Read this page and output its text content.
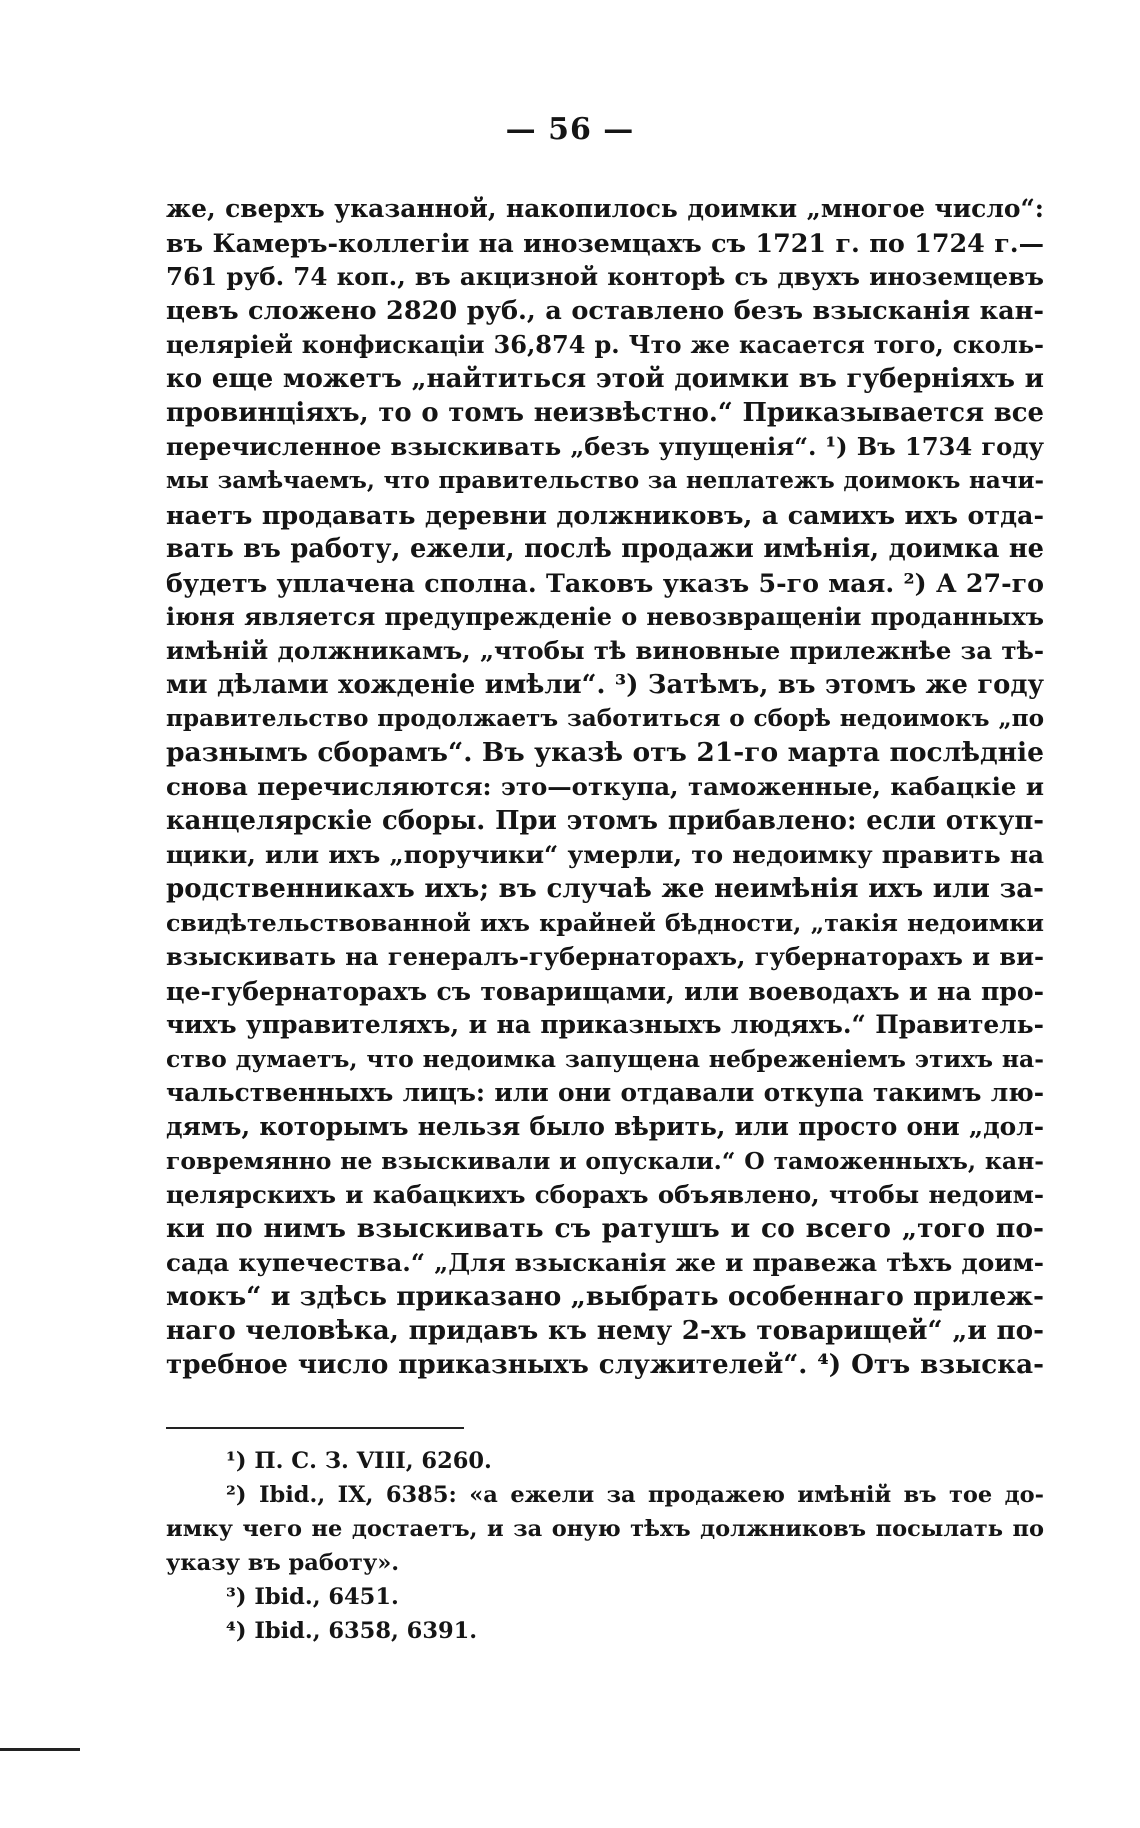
— 56 —
же, сверхъ указанной, накопилось доимки „многое число“:
въ Камеръ-коллегіи на иноземцахъ съ 1721 г. по 1724 г.—
761 руб. 74 коп., въ акцизной конторѣ съ двухъ иноземцевъ
цевъ сложено 2820 руб., а оставлено безъ взысканія кан-
целяріей конфискаціи 36,874 р. Что же касается того, сколь-
ко еще можетъ „найтиться этой доимки въ губерніяхъ и
провинціяхъ, то о томъ неизвѣстно.“ Приказывается все
перечисленное взыскивать „безъ упущенія“. ¹) Въ 1734 году
мы замѣчаемъ, что правительство за неплатежъ доимокъ начи-
наетъ продавать деревни должниковъ, а самихъ ихъ отда-
вать въ работу, ежели, послѣ продажи имѣнія, доимка не
будетъ уплачена сполна. Таковъ указъ 5-го мая. ²) А 27-го
іюня является предупрежденіе о невозвращеніи проданныхъ
имѣній должникамъ, „чтобы тѣ виновные прилежнѣе за тѣ-
ми дѣлами хожденіе имѣли“. ³) Затѣмъ, въ этомъ же году
правительство продолжаетъ заботиться о сборѣ недоимокъ „по
разнымъ сборамъ“. Въ указѣ отъ 21-го марта послѣдніе
снова перечисляются: это—откупа, таможенные, кабацкіе и
канцелярскіе сборы. При этомъ прибавлено: если откуп-
щики, или ихъ „поручики“ умерли, то недоимку править на
родственникахъ ихъ; въ случаѣ же неимѣнія ихъ или за-
свидѣтельствованной ихъ крайней бѣдности, „такія недоимки
взыскивать на генералъ-губернаторахъ, губернаторахъ и ви-
це-губернаторахъ съ товарищами, или воеводахъ и на про-
чихъ управителяхъ, и на приказныхъ людяхъ.“ Правитель-
ство думаетъ, что недоимка запущена небреженіемъ этихъ на-
чальственныхъ лицъ: или они отдавали откупа такимъ лю-
дямъ, которымъ нельзя было вѣрить, или просто они „дол-
говремянно не взыскивали и опускали.“ О таможенныхъ, кан-
целярскихъ и кабацкихъ сборахъ объявлено, чтобы недоим-
ки по нимъ взыскивать съ ратушъ и со всего „того по-
сада купечества.“ „Для взысканія же и правежа тѣхъ доим-
мокъ“ и здѣсь приказано „выбрать особеннаго прилеж-
наго человѣка, придавъ къ нему 2-хъ товарищей“ „и по-
требное число приказныхъ служителей“. ⁴) Отъ взыска-
¹) П. С. З. VIII, 6260.
²) Ibid., IX, 6385: «а ежели за продажею имѣній въ тое до-
имку чего не достаетъ, и за оную тѣхъ должниковъ посылать по
указу въ работу».
³) Ibid., 6451.
⁴) Ibid., 6358, 6391.
